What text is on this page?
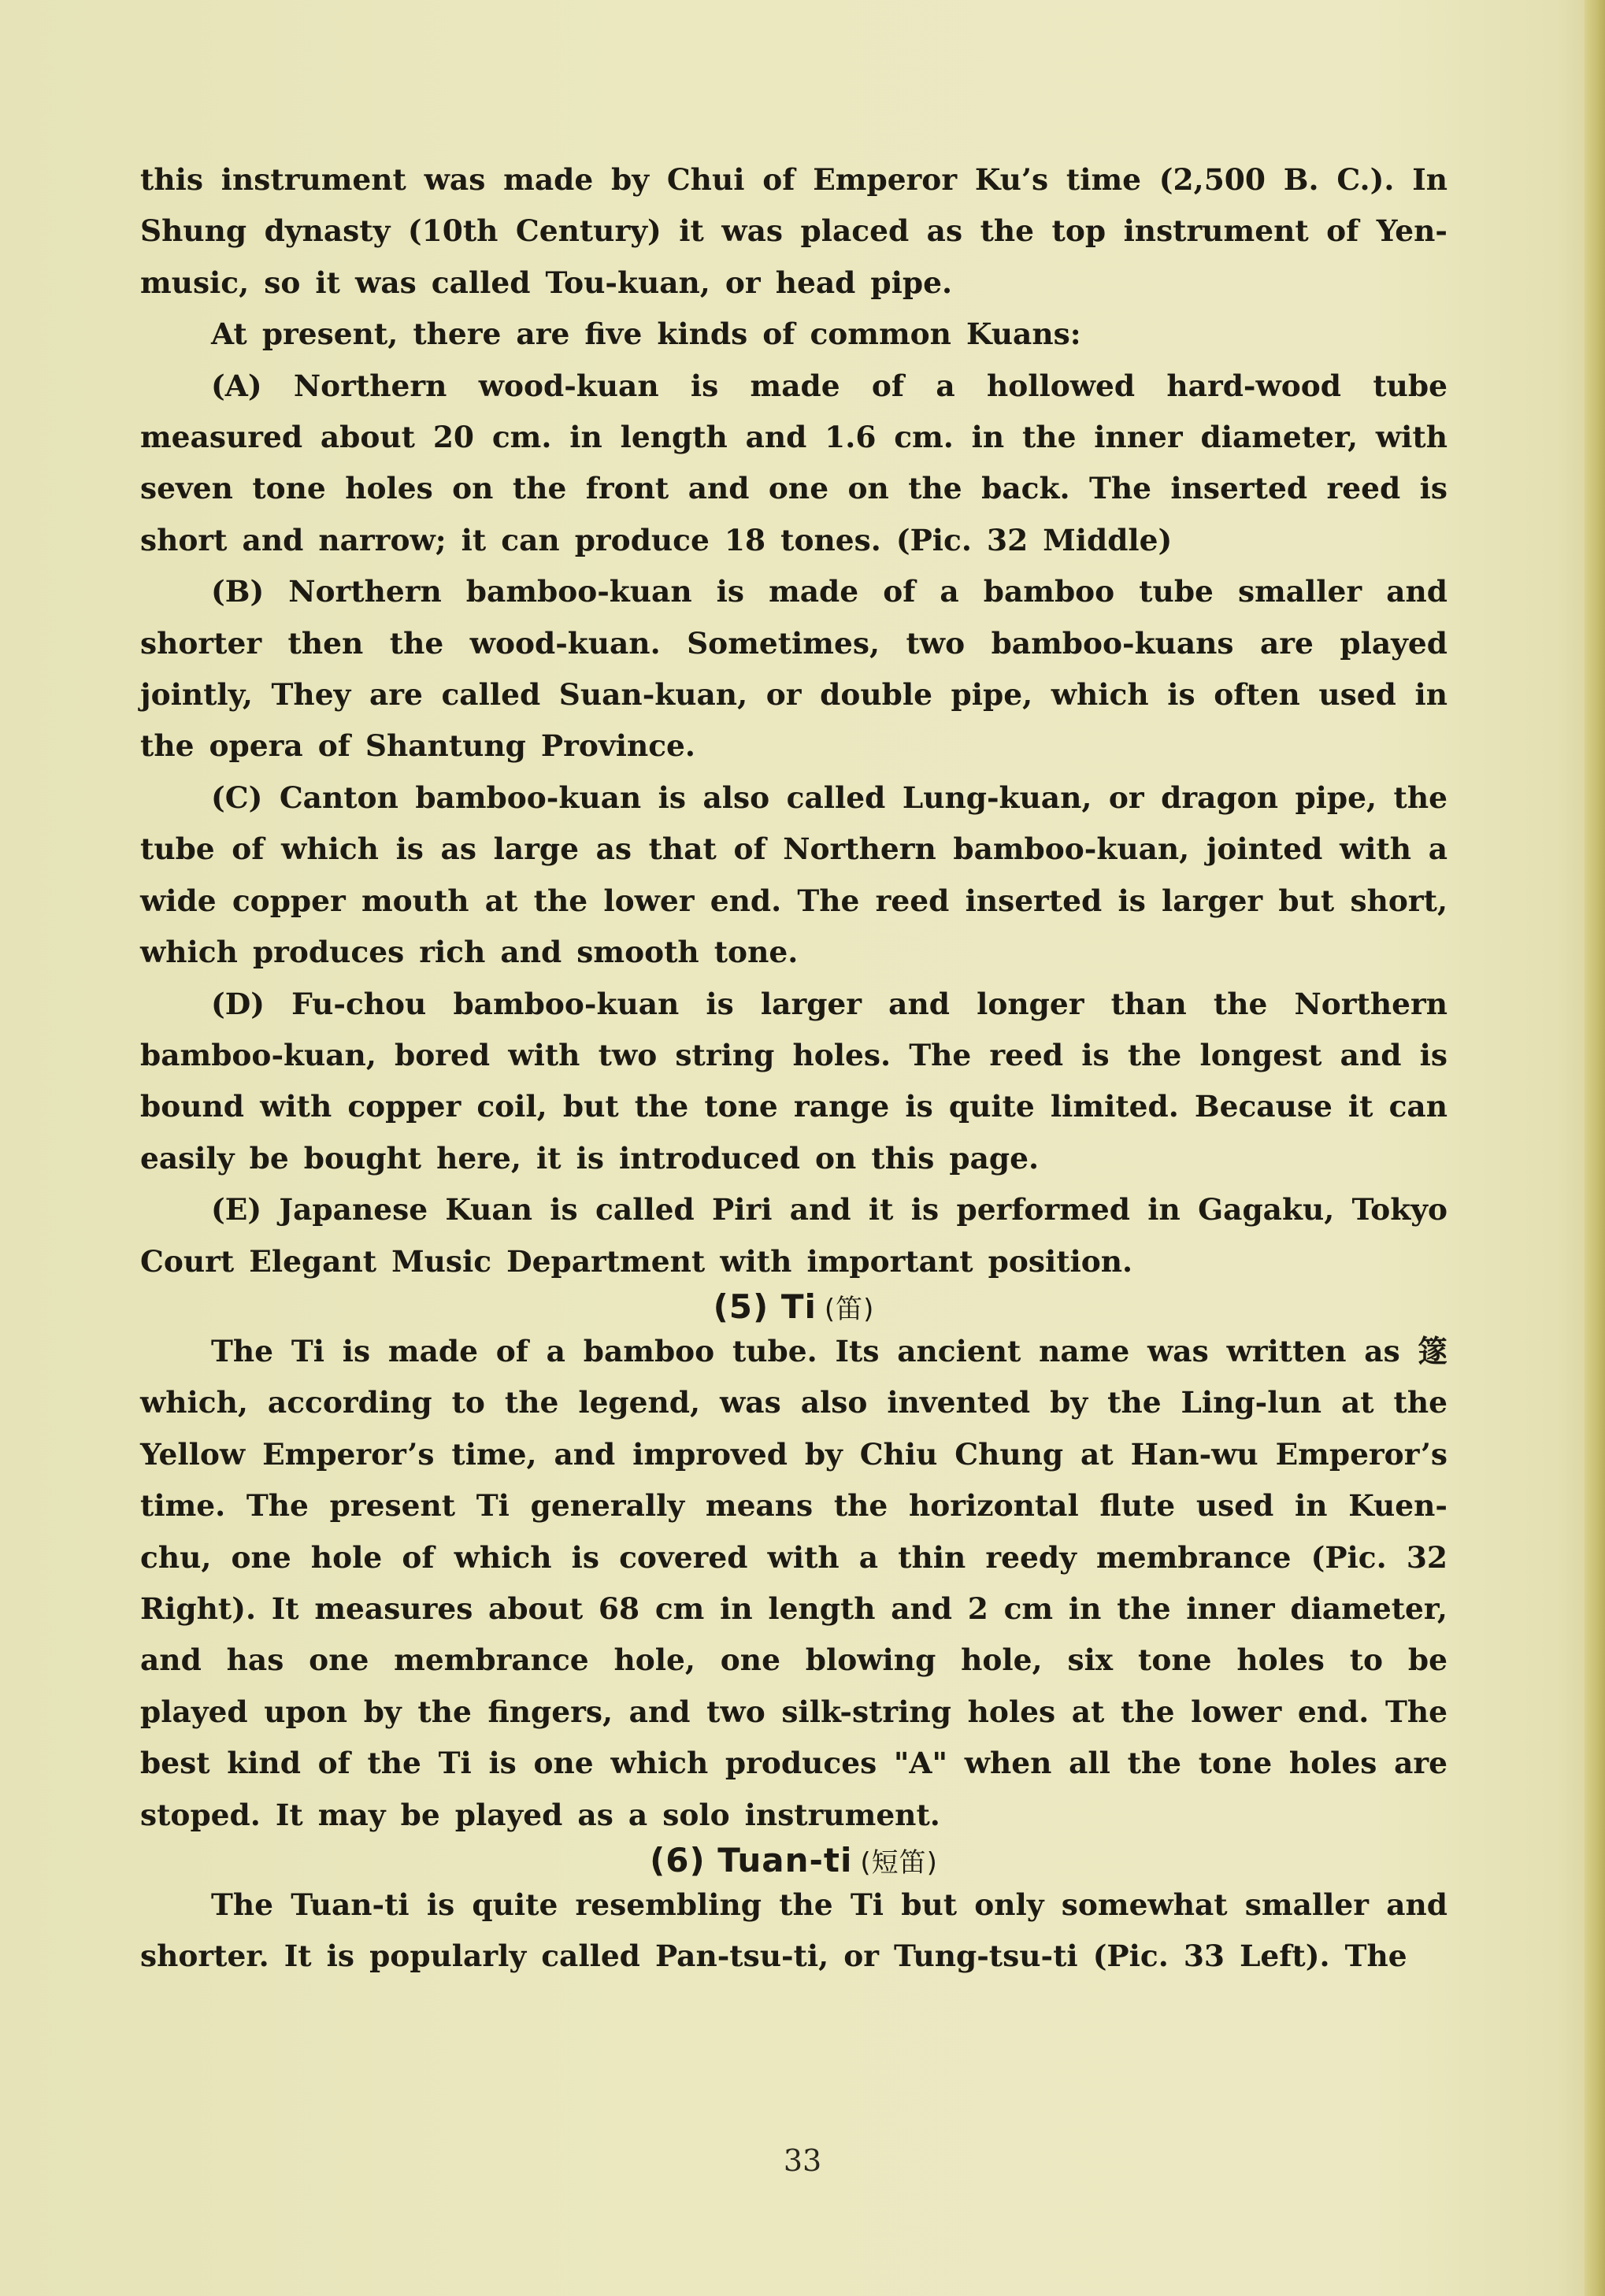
this instrument was made by Chui of Emperor Ku’s time (2,500 B. C.). In Shung dynasty (10th Century) it was placed as the top instrument of Yen-music, so it was called Tou-kuan, or head pipe.

At present, there are five kinds of common Kuans:

(A) Northern wood-kuan is made of a hollowed hard-wood tube measured about 20 cm. in length and 1.6 cm. in the inner diameter, with seven tone holes on the front and one on the back. The inserted reed is short and narrow; it can produce 18 tones. (Pic. 32 Middle)

(B) Northern bamboo-kuan is made of a bamboo tube smaller and shorter then the wood-kuan. Sometimes, two bamboo-kuans are played jointly, They are called Suan-kuan, or double pipe, which is often used in the opera of Shantung Province.

(C) Canton bamboo-kuan is also called Lung-kuan, or dragon pipe, the tube of which is as large as that of Northern bamboo-kuan, jointed with a wide copper mouth at the lower end. The reed inserted is larger but short, which produces rich and smooth tone.

(D) Fu-chou bamboo-kuan is larger and longer than the Northern bamboo-kuan, bored with two string holes. The reed is the longest and is bound with copper coil, but the tone range is quite limited. Because it can easily be bought here, it is introduced on this page.

(E) Japanese Kuan is called Piri and it is performed in Gagaku, Tokyo Court Elegant Music Department with important position.

(5) Ti (笛)

The Ti is made of a bamboo tube. Its ancient name was written as 篴 which, according to the legend, was also invented by the Ling-lun at the Yellow Emperor’s time, and improved by Chiu Chung at Han-wu Emperor’s time. The present Ti generally means the horizontal flute used in Kuen-chu, one hole of which is covered with a thin reedy membrance (Pic. 32 Right). It measures about 68 cm in length and 2 cm in the inner diameter, and has one membrance hole, one blowing hole, six tone holes to be played upon by the fingers, and two silk-string holes at the lower end. The best kind of the Ti is one which produces "A" when all the tone holes are stoped. It may be played as a solo instrument.

(6) Tuan-ti (短笛)

The Tuan-ti is quite resembling the Ti but only somewhat smaller and shorter. It is popularly called Pan-tsu-ti, or Tung-tsu-ti (Pic. 33 Left). The

33
